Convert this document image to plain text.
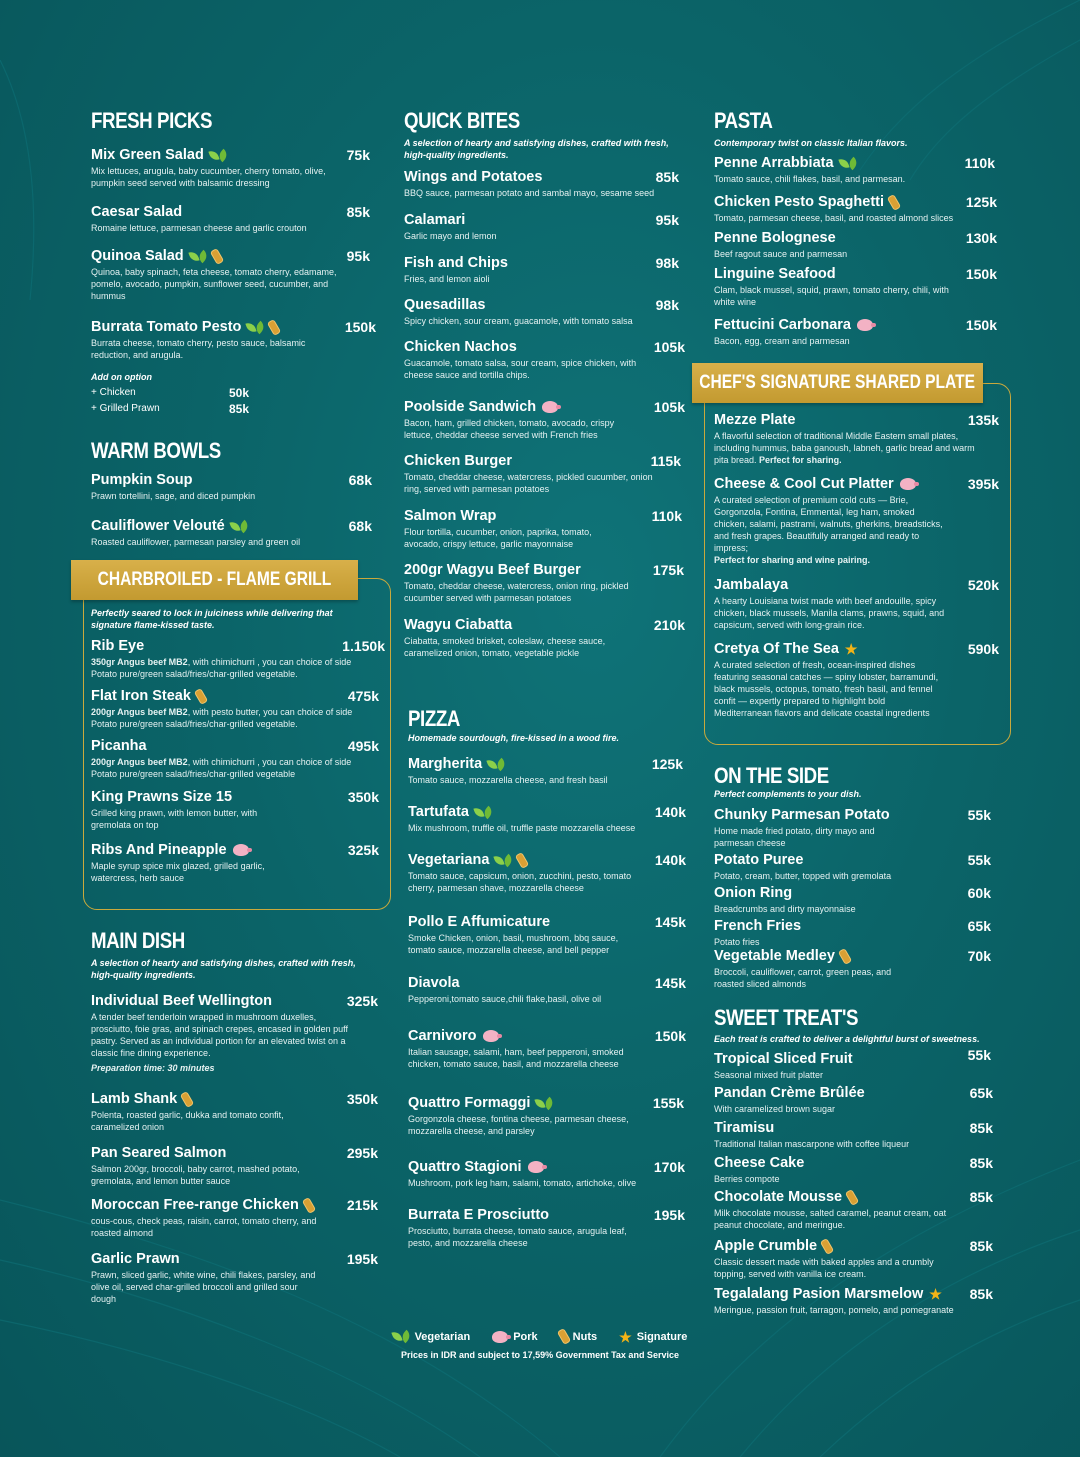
FRESH PICKS
Mix Green Salad	75k
Mix lettuces, arugula, baby cucumber, cherry tomato, olive, pumpkin seed served with balsamic dressing
Caesar Salad	85k
Romaine lettuce, parmesan cheese and garlic crouton
Quinoa Salad	95k
Quinoa, baby spinach, feta cheese, tomato cherry, edamame, pomelo, avocado, pumpkin, sunflower seed, cucumber, and hummus
Burrata Tomato Pesto	150k
Burrata cheese, tomato cherry, pesto sauce, balsamic reduction, and arugula.
Add on option
+ Chicken	50k
+ Grilled Prawn	85k
WARM BOWLS
Pumpkin Soup	68k
Prawn tortellini, sage, and diced pumpkin
Cauliflower Velouté	68k
Roasted cauliflower, parmesan parsley and green oil
CHARBROILED - FLAME GRILL
Perfectly seared to lock in juiciness while delivering that signature flame-kissed taste.
Rib Eye	1.150k
350gr Angus beef MB2, with chimichurri , you can choice of side Potato pure/green salad/fries/char-grilled vegetable.
Flat Iron Steak	475k
200gr Angus beef MB2, with pesto butter, you can choice of side Potato pure/green salad/fries/char-grilled vegetable.
Picanha	495k
200gr Angus beef MB2, with chimichurri , you can choice of side Potato pure/green salad/fries/char-grilled vegetable
King Prawns Size 15	350k
Grilled king prawn, with lemon butter, with gremolata on top
Ribs And Pineapple	325k
Maple syrup spice mix glazed, grilled garlic, watercress, herb sauce
MAIN DISH
A selection of hearty and satisfying dishes, crafted with fresh, high-quality ingredients.
Individual Beef Wellington	325k
A tender beef tenderloin wrapped in mushroom duxelles, prosciutto, foie gras, and spinach crepes, encased in golden puff pastry. Served as an individual portion for an elevated twist on a classic fine dining experience.
Preparation time: 30 minutes
Lamb Shank	350k
Polenta, roasted garlic, dukka and tomato confit, caramelized onion
Pan Seared Salmon	295k
Salmon 200gr, broccoli, baby carrot, mashed potato, gremolata, and lemon butter sauce
Moroccan Free-range Chicken	215k
cous-cous, check peas, raisin, carrot, tomato cherry, and roasted almond
Garlic Prawn	195k
Prawn, sliced garlic, white wine, chili flakes, parsley, and olive oil, served char-grilled broccoli and grilled sour dough
QUICK BITES
A selection of hearty and satisfying dishes, crafted with fresh, high-quality ingredients.
Wings and Potatoes	85k
BBQ sauce, parmesan potato and sambal mayo, sesame seed
Calamari	95k
Garlic mayo and lemon
Fish and Chips	98k
Fries, and lemon aioli
Quesadillas	98k
Spicy chicken, sour cream, guacamole, with tomato salsa
Chicken Nachos	105k
Guacamole, tomato salsa, sour cream, spice chicken, with cheese sauce and tortilla chips.
Poolside Sandwich	105k
Bacon, ham, grilled chicken, tomato, avocado, crispy lettuce, cheddar cheese served with French fries
Chicken Burger	115k
Tomato, cheddar cheese, watercress, pickled cucumber, onion ring, served with parmesan potatoes
Salmon Wrap	110k
Flour tortilla, cucumber, onion, paprika, tomato, avocado, crispy lettuce, garlic mayonnaise
200gr Wagyu Beef Burger	175k
Tomato, cheddar cheese, watercress, onion ring, pickled cucumber served with parmesan potatoes
Wagyu Ciabatta	210k
Ciabatta, smoked brisket, coleslaw, cheese sauce, caramelized onion, tomato, vegetable pickle
PIZZA
Homemade sourdough, fire-kissed in a wood fire.
Margherita	125k
Tomato sauce, mozzarella cheese, and fresh basil
Tartufata	140k
Mix mushroom, truffle oil, truffle paste mozzarella cheese
Vegetariana	140k
Tomato sauce, capsicum, onion, zucchini, pesto, tomato cherry, parmesan shave, mozzarella cheese
Pollo E Affumicature	145k
Smoke Chicken, onion, basil, mushroom, bbq sauce, tomato sauce, mozzarella cheese, and bell pepper
Diavola	145k
Pepperoni,tomato sauce,chili flake,basil, olive oil
Carnivoro	150k
Italian sausage, salami, ham, beef pepperoni, smoked chicken, tomato sauce, basil, and mozzarella cheese
Quattro Formaggi	155k
Gorgonzola cheese, fontina cheese, parmesan cheese, mozzarella cheese, and parsley
Quattro Stagioni	170k
Mushroom, pork leg ham, salami, tomato, artichoke, olive
Burrata E Prosciutto	195k
Prosciutto, burrata cheese, tomato sauce, arugula leaf, pesto, and mozzarella cheese
PASTA
Contemporary twist on classic Italian flavors.
Penne Arrabbiata	110k
Tomato sauce, chili flakes, basil, and parmesan.
Chicken Pesto Spaghetti	125k
Tomato, parmesan cheese, basil, and roasted almond slices
Penne Bolognese	130k
Beef ragout sauce and parmesan
Linguine Seafood	150k
Clam, black mussel, squid, prawn, tomato cherry, chili, with white wine
Fettucini Carbonara	150k
Bacon, egg, cream and parmesan
CHEF'S SIGNATURE SHARED PLATE
Mezze Plate	135k
A flavorful selection of traditional Middle Eastern small plates, including hummus, baba ganoush, labneh, garlic bread and warm pita bread. Perfect for sharing.
Cheese & Cool Cut Platter	395k
A curated selection of premium cold cuts — Brie, Gorgonzola, Fontina, Emmental, leg ham, smoked chicken, salami, pastrami, walnuts, gherkins, breadsticks, and fresh grapes. Beautifully arranged and ready to impress;
Perfect for sharing and wine pairing.
Jambalaya	520k
A hearty Louisiana twist made with beef andouille, spicy chicken, black mussels, Manila clams, prawns, squid, and capsicum, served with long-grain rice.
Cretya Of The Sea ★	590k
A curated selection of fresh, ocean-inspired dishes featuring seasonal catches — spiny lobster, barramundi, black mussels, octopus, tomato, fresh basil, and fennel confit — expertly prepared to highlight bold Mediterranean flavors and delicate coastal ingredients
ON THE SIDE
Perfect complements to your dish.
Chunky Parmesan Potato	55k
Home made fried potato, dirty mayo and parmesan cheese
Potato Puree	55k
Potato, cream, butter, topped with gremolata
Onion Ring	60k
Breadcrumbs and dirty mayonnaise
French Fries	65k
Potato fries
Vegetable Medley	70k
Broccoli, cauliflower, carrot, green peas, and roasted sliced almonds
SWEET TREAT'S
Each treat is crafted to deliver a delightful burst of sweetness.
Tropical Sliced Fruit	55k
Seasonal mixed fruit platter
Pandan Crème Brûlée	65k
With caramelized brown sugar
Tiramisu	85k
Traditional Italian mascarpone with coffee liqueur
Cheese Cake	85k
Berries compote
Chocolate Mousse	85k
Milk chocolate mousse, salted caramel, peanut cream, oat peanut chocolate, and meringue.
Apple Crumble	85k
Classic dessert made with baked apples and a crumbly topping, served with vanilla ice cream.
Tegalalang Pasion Marsmelow ★ 85k
Meringue, passion fruit, tarragon, pomelo, and pomegranate
Vegetarian	Pork	Nuts ★ Signature
Prices in IDR and subject to 17,59% Government Tax and Service
